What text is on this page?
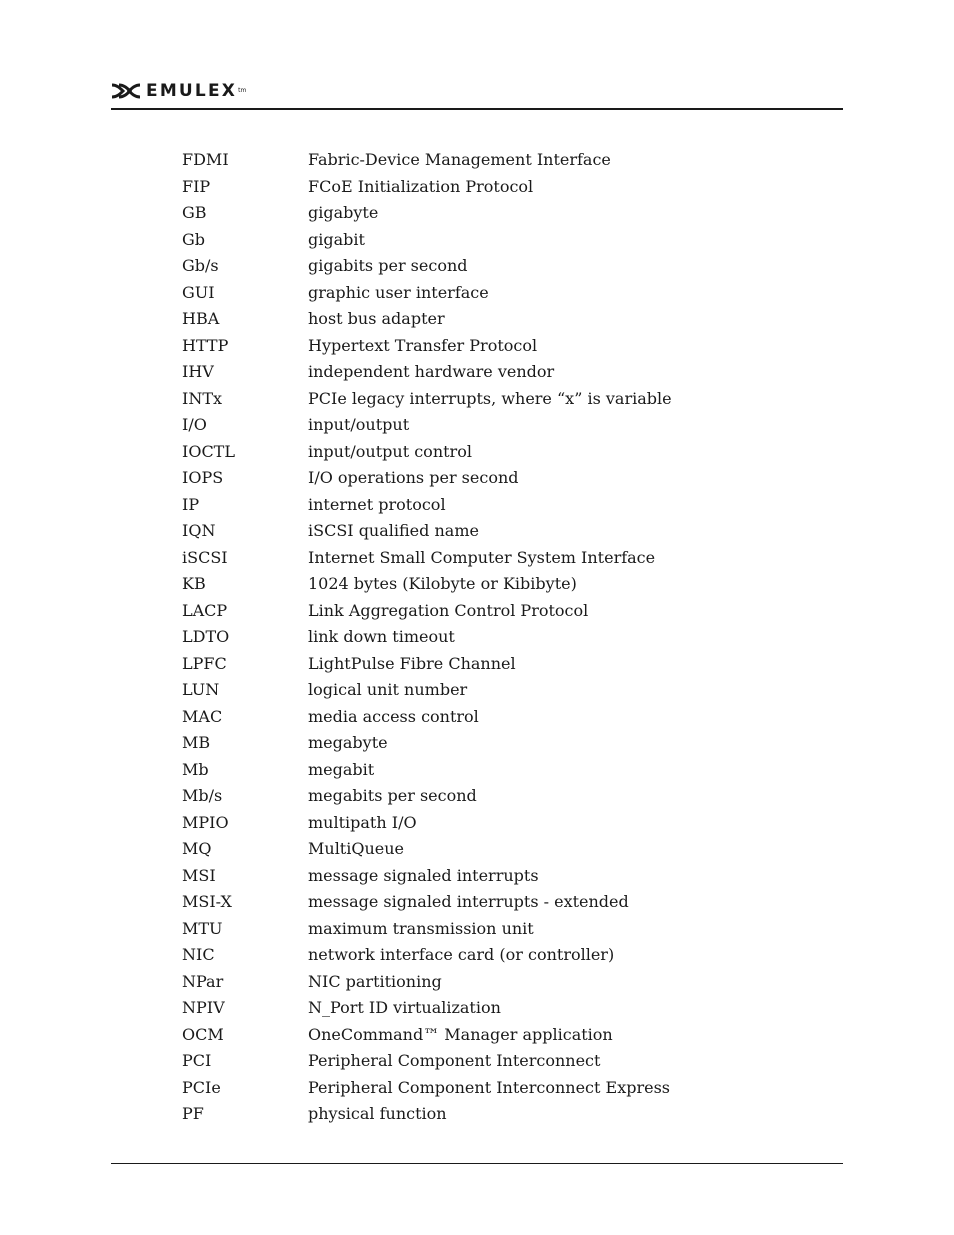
EMULEX tm
FDMI	Fabric-Device Management Interface
FIP	FCoE Initialization Protocol
GB	gigabyte
Gb	gigabit
Gb/s	gigabits per second
GUI	graphic user interface
HBA	host bus adapter
HTTP	Hypertext Transfer Protocol
IHV	independent hardware vendor
INTx	PCIe legacy interrupts, where “x” is variable
I/O	input/output
IOCTL	input/output control
IOPS	I/O operations per second
IP	internet protocol
IQN	iSCSI qualified name
iSCSI	Internet Small Computer System Interface
KB	1024 bytes (Kilobyte or Kibibyte)
LACP	Link Aggregation Control Protocol
LDTO	link down timeout
LPFC	LightPulse Fibre Channel
LUN	logical unit number
MAC	media access control
MB	megabyte
Mb	megabit
Mb/s	megabits per second
MPIO	multipath I/O
MQ	MultiQueue
MSI	message signaled interrupts
MSI-X	message signaled interrupts - extended
MTU	maximum transmission unit
NIC	network interface card (or controller)
NPar	NIC partitioning
NPIV	N_Port ID virtualization
OCM	OneCommand™ Manager application
PCI	Peripheral Component Interconnect
PCIe	Peripheral Component Interconnect Express
PF	physical function
